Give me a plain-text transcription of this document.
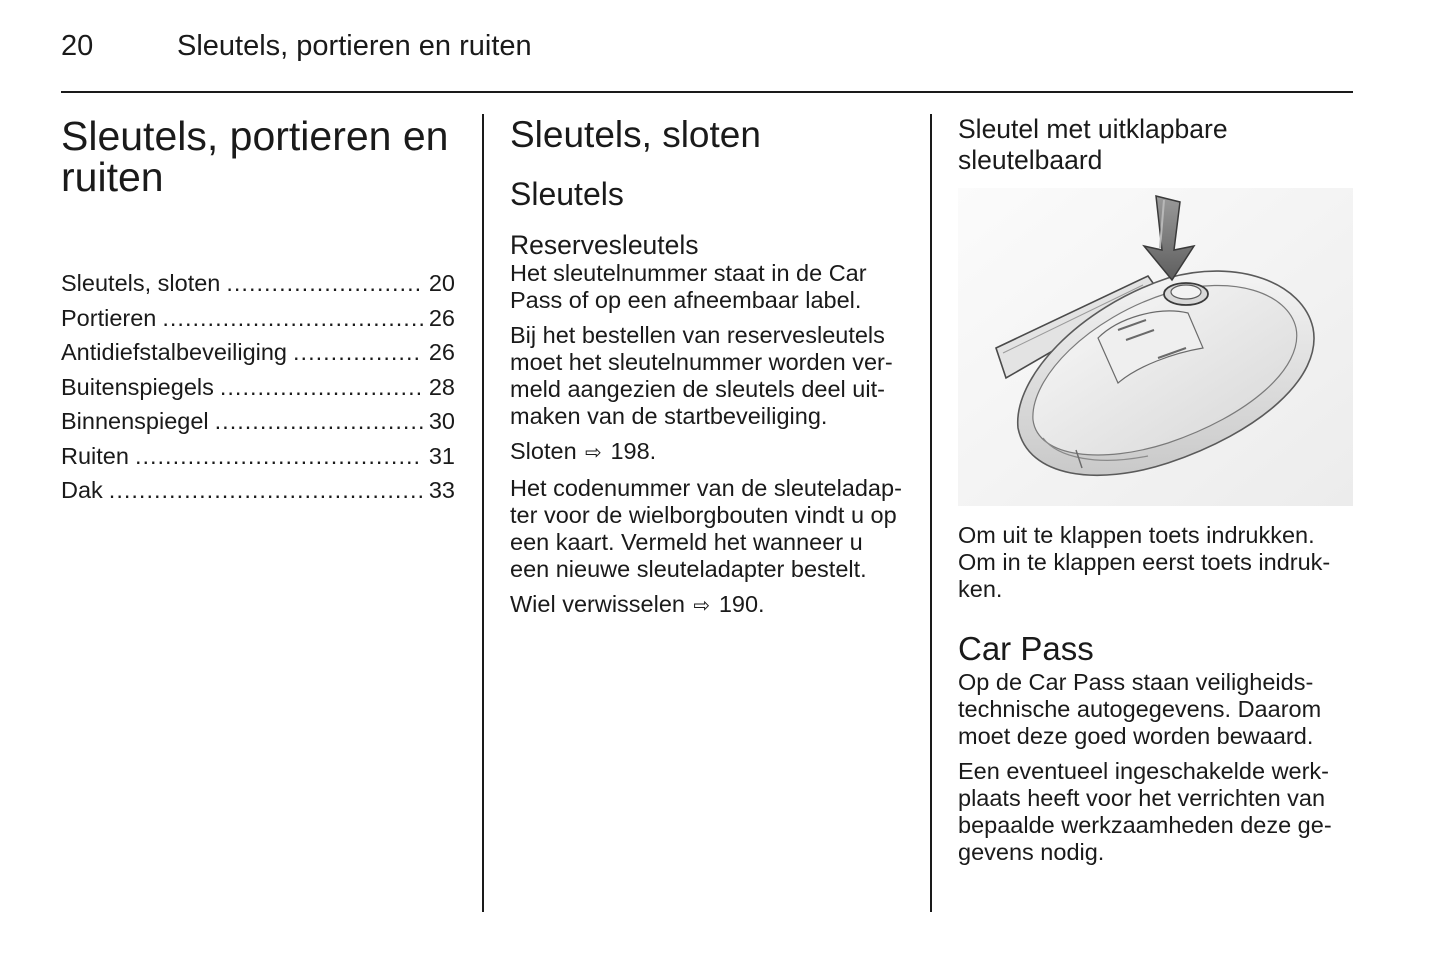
20	Sleutels, portieren en ruiten
Sleutels, portieren en ruiten
Sleutels, sloten .....	20
Portieren .....	26
Antidiefstalbeveiliging .....	26
Buitenspiegels .....	28
Binnenspiegel .....	30
Ruiten .....	31
Dak .....	33
Sleutels, sloten
Sleutels
Reservesleutels

Het sleutelnummer staat in de Car
Pass of op een afneembaar label.

Bij het bestellen van reservesleutels
moet het sleutelnummer worden ver-
meld aangezien de sleutels deel uit-
maken van de startbeveiliging.

Sloten ⇨ 198.

Het codenummer van de sleuteladap-
ter voor de wielborgbouten vindt u op
een kaart. Vermeld het wanneer u
een nieuwe sleuteladapter bestelt.

Wiel verwisselen ⇨ 190.

Sleutel met uitklapbare
sleutelbaard

Om uit te klappen toets indrukken.
Om in te klappen eerst toets indruk-
ken.

Car Pass

Op de Car Pass staan veiligheids-
technische autogegevens. Daarom
moet deze goed worden bewaard.

Een eventueel ingeschakelde werk-
plaats heeft voor het verrichten van
bepaalde werkzaamheden deze ge-
gevens nodig.
